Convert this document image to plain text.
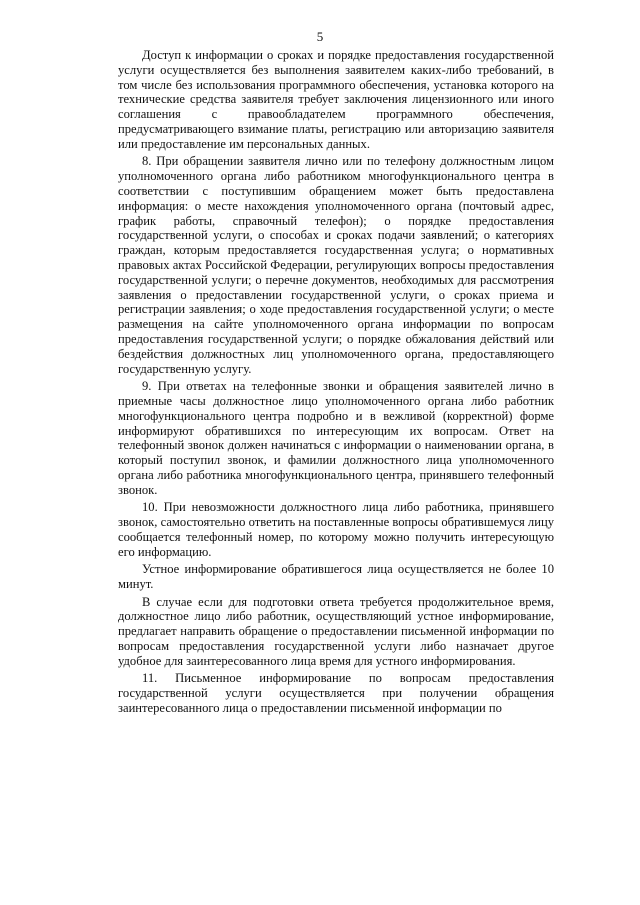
5

Доступ к информации о сроках и порядке предоставления государственной услуги осуществляется без выполнения заявителем каких-либо требований, в том числе без использования программного обеспечения, установка которого на технические средства заявителя требует заключения лицензионного или иного соглашения с правообладателем программного обеспечения, предусматривающего взимание платы, регистрацию или авторизацию заявителя или предоставление им персональных данных.

8. При обращении заявителя лично или по телефону должностным лицом уполномоченного органа либо работником многофункционального центра в соответствии с поступившим обращением может быть предоставлена информация: о месте нахождения уполномоченного органа (почтовый адрес, график работы, справочный телефон); о порядке предоставления государственной услуги, о способах и сроках подачи заявлений; о категориях граждан, которым предоставляется государственная услуга; о нормативных правовых актах Российской Федерации, регулирующих вопросы предоставления государственной услуги; о перечне документов, необходимых для рассмотрения заявления о предоставлении государственной услуги, о сроках приема и регистрации заявления; о ходе предоставления государственной услуги; о месте размещения на сайте уполномоченного органа информации по вопросам предоставления государственной услуги; о порядке обжалования действий или бездействия должностных лиц уполномоченного органа, предоставляющего государственную услугу.

9. При ответах на телефонные звонки и обращения заявителей лично в приемные часы должностное лицо уполномоченного органа либо работник многофункционального центра подробно и в вежливой (корректной) форме информируют обратившихся по интересующим их вопросам. Ответ на телефонный звонок должен начинаться с информации о наименовании органа, в который поступил звонок, и фамилии должностного лица уполномоченного органа либо работника многофункционального центра, принявшего телефонный звонок.

10. При невозможности должностного лица либо работника, принявшего звонок, самостоятельно ответить на поставленные вопросы обратившемуся лицу сообщается телефонный номер, по которому можно получить интересующую его информацию.

Устное информирование обратившегося лица осуществляется не более 10 минут.

В случае если для подготовки ответа требуется продолжительное время, должностное лицо либо работник, осуществляющий устное информирование, предлагает направить обращение о предоставлении письменной информации по вопросам предоставления государственной услуги либо назначает другое удобное для заинтересованного лица время для устного информирования.

11. Письменное информирование по вопросам предоставления государственной услуги осуществляется при получении обращения заинтересованного лица о предоставлении письменной информации по
